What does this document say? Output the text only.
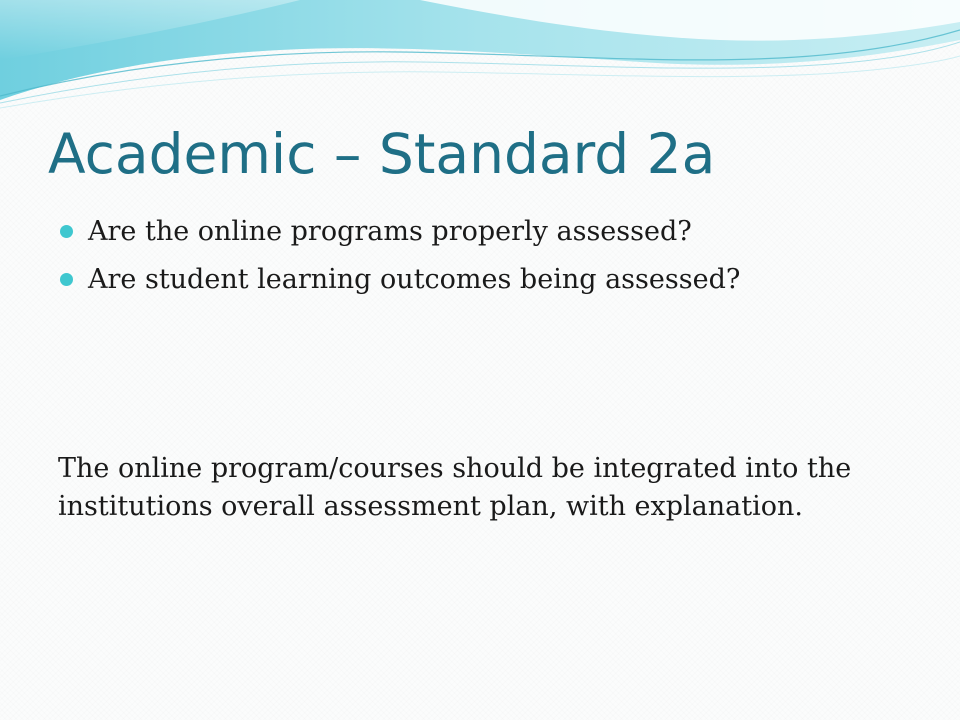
Academic – Standard 2a
Are the online programs properly assessed?
Are student learning outcomes being assessed?

The online program/courses should be integrated into the institutions overall assessment plan, with explanation.
